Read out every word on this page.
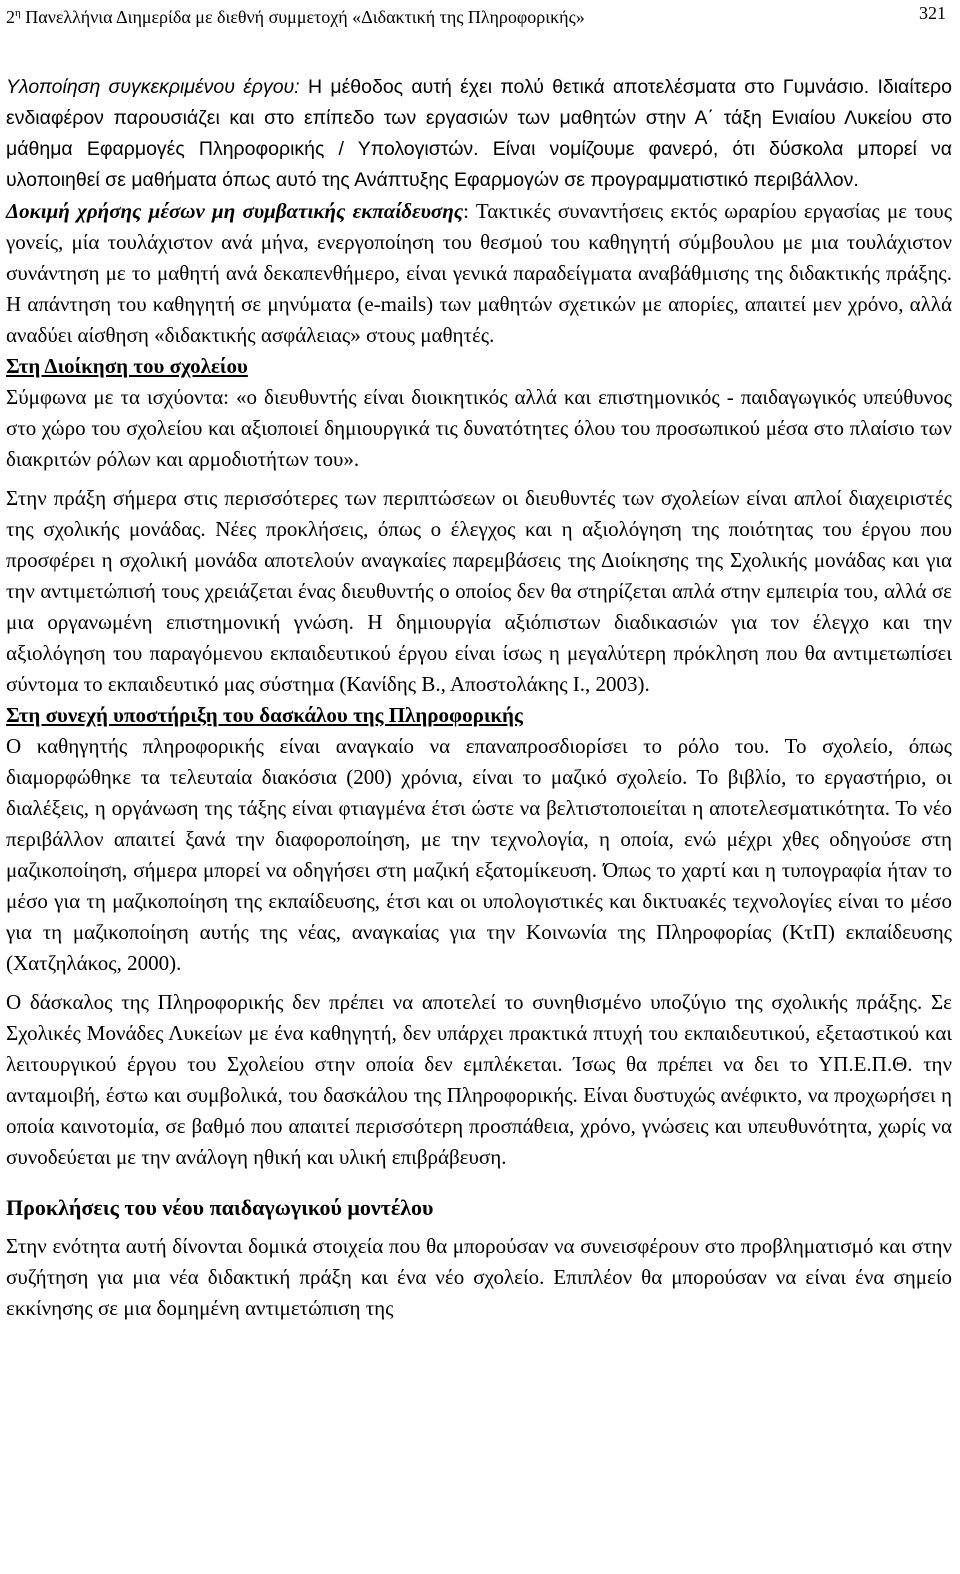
$2^\eta$ Πανελλήνια Διημερίδα με διεθνή συμμετοχή «Διδακτική της Πληροφορικής»	321

Υλοποίηση συγκεκριμένου έργου: Η μέθοδος αυτή έχει πολύ θετικά αποτελέσματα στο Γυμνάσιο. Ιδιαίτερο ενδιαφέρον παρουσιάζει και στο επίπεδο των εργασιών των μαθητών στην Α΄ τάξη Ενιαίου Λυκείου στο μάθημα Εφαρμογές Πληροφορικής / Υπολογιστών. Είναι νομίζουμε φανερό, ότι δύσκολα μπορεί να υλοποιηθεί σε μαθήματα όπως αυτό της Ανάπτυξης Εφαρμογών σε προγραμματιστικό περιβάλλον.

Δοκιμή χρήσης μέσων μη συμβατικής εκπαίδευσης: Τακτικές συναντήσεις εκτός ωραρίου εργασίας με τους γονείς, μία τουλάχιστον ανά μήνα, ενεργοποίηση του θεσμού του καθηγητή σύμβουλου με μια τουλάχιστον συνάντηση με το μαθητή ανά δεκαπενθήμερο, είναι γενικά παραδείγματα αναβάθμισης της διδακτικής πράξης. Η απάντηση του καθηγητή σε μηνύματα (e-mails) των μαθητών σχετικών με απορίες, απαιτεί μεν χρόνο, αλλά αναδύει αίσθηση «διδακτικής ασφάλειας» στους μαθητές.

Στη Διοίκηση του σχολείου

Σύμφωνα με τα ισχύοντα: «ο διευθυντής είναι διοικητικός αλλά και επιστημονικός - παιδαγωγικός υπεύθυνος στο χώρο του σχολείου και αξιοποιεί δημιουργικά τις δυνατότητες όλου του προσωπικού μέσα στο πλαίσιο των διακριτών ρόλων και αρμοδιοτήτων του».

Στην πράξη σήμερα στις περισσότερες των περιπτώσεων οι διευθυντές των σχολείων είναι απλοί διαχειριστές της σχολικής μονάδας. Νέες προκλήσεις, όπως ο έλεγχος και η αξιολόγηση της ποιότητας του έργου που προσφέρει η σχολική μονάδα αποτελούν αναγκαίες παρεμβάσεις της Διοίκησης της Σχολικής μονάδας και για την αντιμετώπισή τους χρειάζεται ένας διευθυντής ο οποίος δεν θα στηρίζεται απλά στην εμπειρία του, αλλά σε μια οργανωμένη επιστημονική γνώση. Η δημιουργία αξιόπιστων διαδικασιών για τον έλεγχο και την αξιολόγηση του παραγόμενου εκπαιδευτικού έργου είναι ίσως η μεγαλύτερη πρόκληση που θα αντιμετωπίσει σύντομα το εκπαιδευτικό μας σύστημα (Κανίδης Β., Αποστολάκης Ι., 2003).

Στη συνεχή υποστήριξη του δασκάλου της Πληροφορικής

Ο καθηγητής πληροφορικής είναι αναγκαίο να επαναπροσδιορίσει το ρόλο του. Το σχολείο, όπως διαμορφώθηκε τα τελευταία διακόσια (200) χρόνια, είναι το μαζικό σχολείο. Το βιβλίο, το εργαστήριο, οι διαλέξεις, η οργάνωση της τάξης είναι φτιαγμένα έτσι ώστε να βελτιστοποιείται η αποτελεσματικότητα. Το νέο περιβάλλον απαιτεί ξανά την διαφοροποίηση, με την τεχνολογία, η οποία, ενώ μέχρι χθες οδηγούσε στη μαζικοποίηση, σήμερα μπορεί να οδηγήσει στη μαζική εξατομίκευση. Όπως το χαρτί και η τυπογραφία ήταν το μέσο για τη μαζικοποίηση της εκπαίδευσης, έτσι και οι υπολογιστικές και δικτυακές τεχνολογίες είναι το μέσο για τη μαζικοποίηση αυτής της νέας, αναγκαίας για την Κοινωνία της Πληροφορίας (ΚτΠ) εκπαίδευσης (Χατζηλάκος, 2000).

Ο δάσκαλος της Πληροφορικής δεν πρέπει να αποτελεί το συνηθισμένο υποζύγιο της σχολικής πράξης. Σε Σχολικές Μονάδες Λυκείων με ένα καθηγητή, δεν υπάρχει πρακτικά πτυχή του εκπαιδευτικού, εξεταστικού και λειτουργικού έργου του Σχολείου στην οποία δεν εμπλέκεται. Ίσως θα πρέπει να δει το ΥΠ.Ε.Π.Θ. την ανταμοιβή, έστω και συμβολικά, του δασκάλου της Πληροφορικής. Είναι δυστυχώς ανέφικτο, να προχωρήσει η οποία καινοτομία, σε βαθμό που απαιτεί περισσότερη προσπάθεια, χρόνο, γνώσεις και υπευθυνότητα, χωρίς να συνοδεύεται με την ανάλογη ηθική και υλική επιβράβευση.

Προκλήσεις του νέου παιδαγωγικού μοντέλου

Στην ενότητα αυτή δίνονται δομικά στοιχεία που θα μπορούσαν να συνεισφέρουν στο προβληματισμό και στην συζήτηση για μια νέα διδακτική πράξη και ένα νέο σχολείο. Επιπλέον θα μπορούσαν να είναι ένα σημείο εκκίνησης σε μια δομημένη αντιμετώπιση της
